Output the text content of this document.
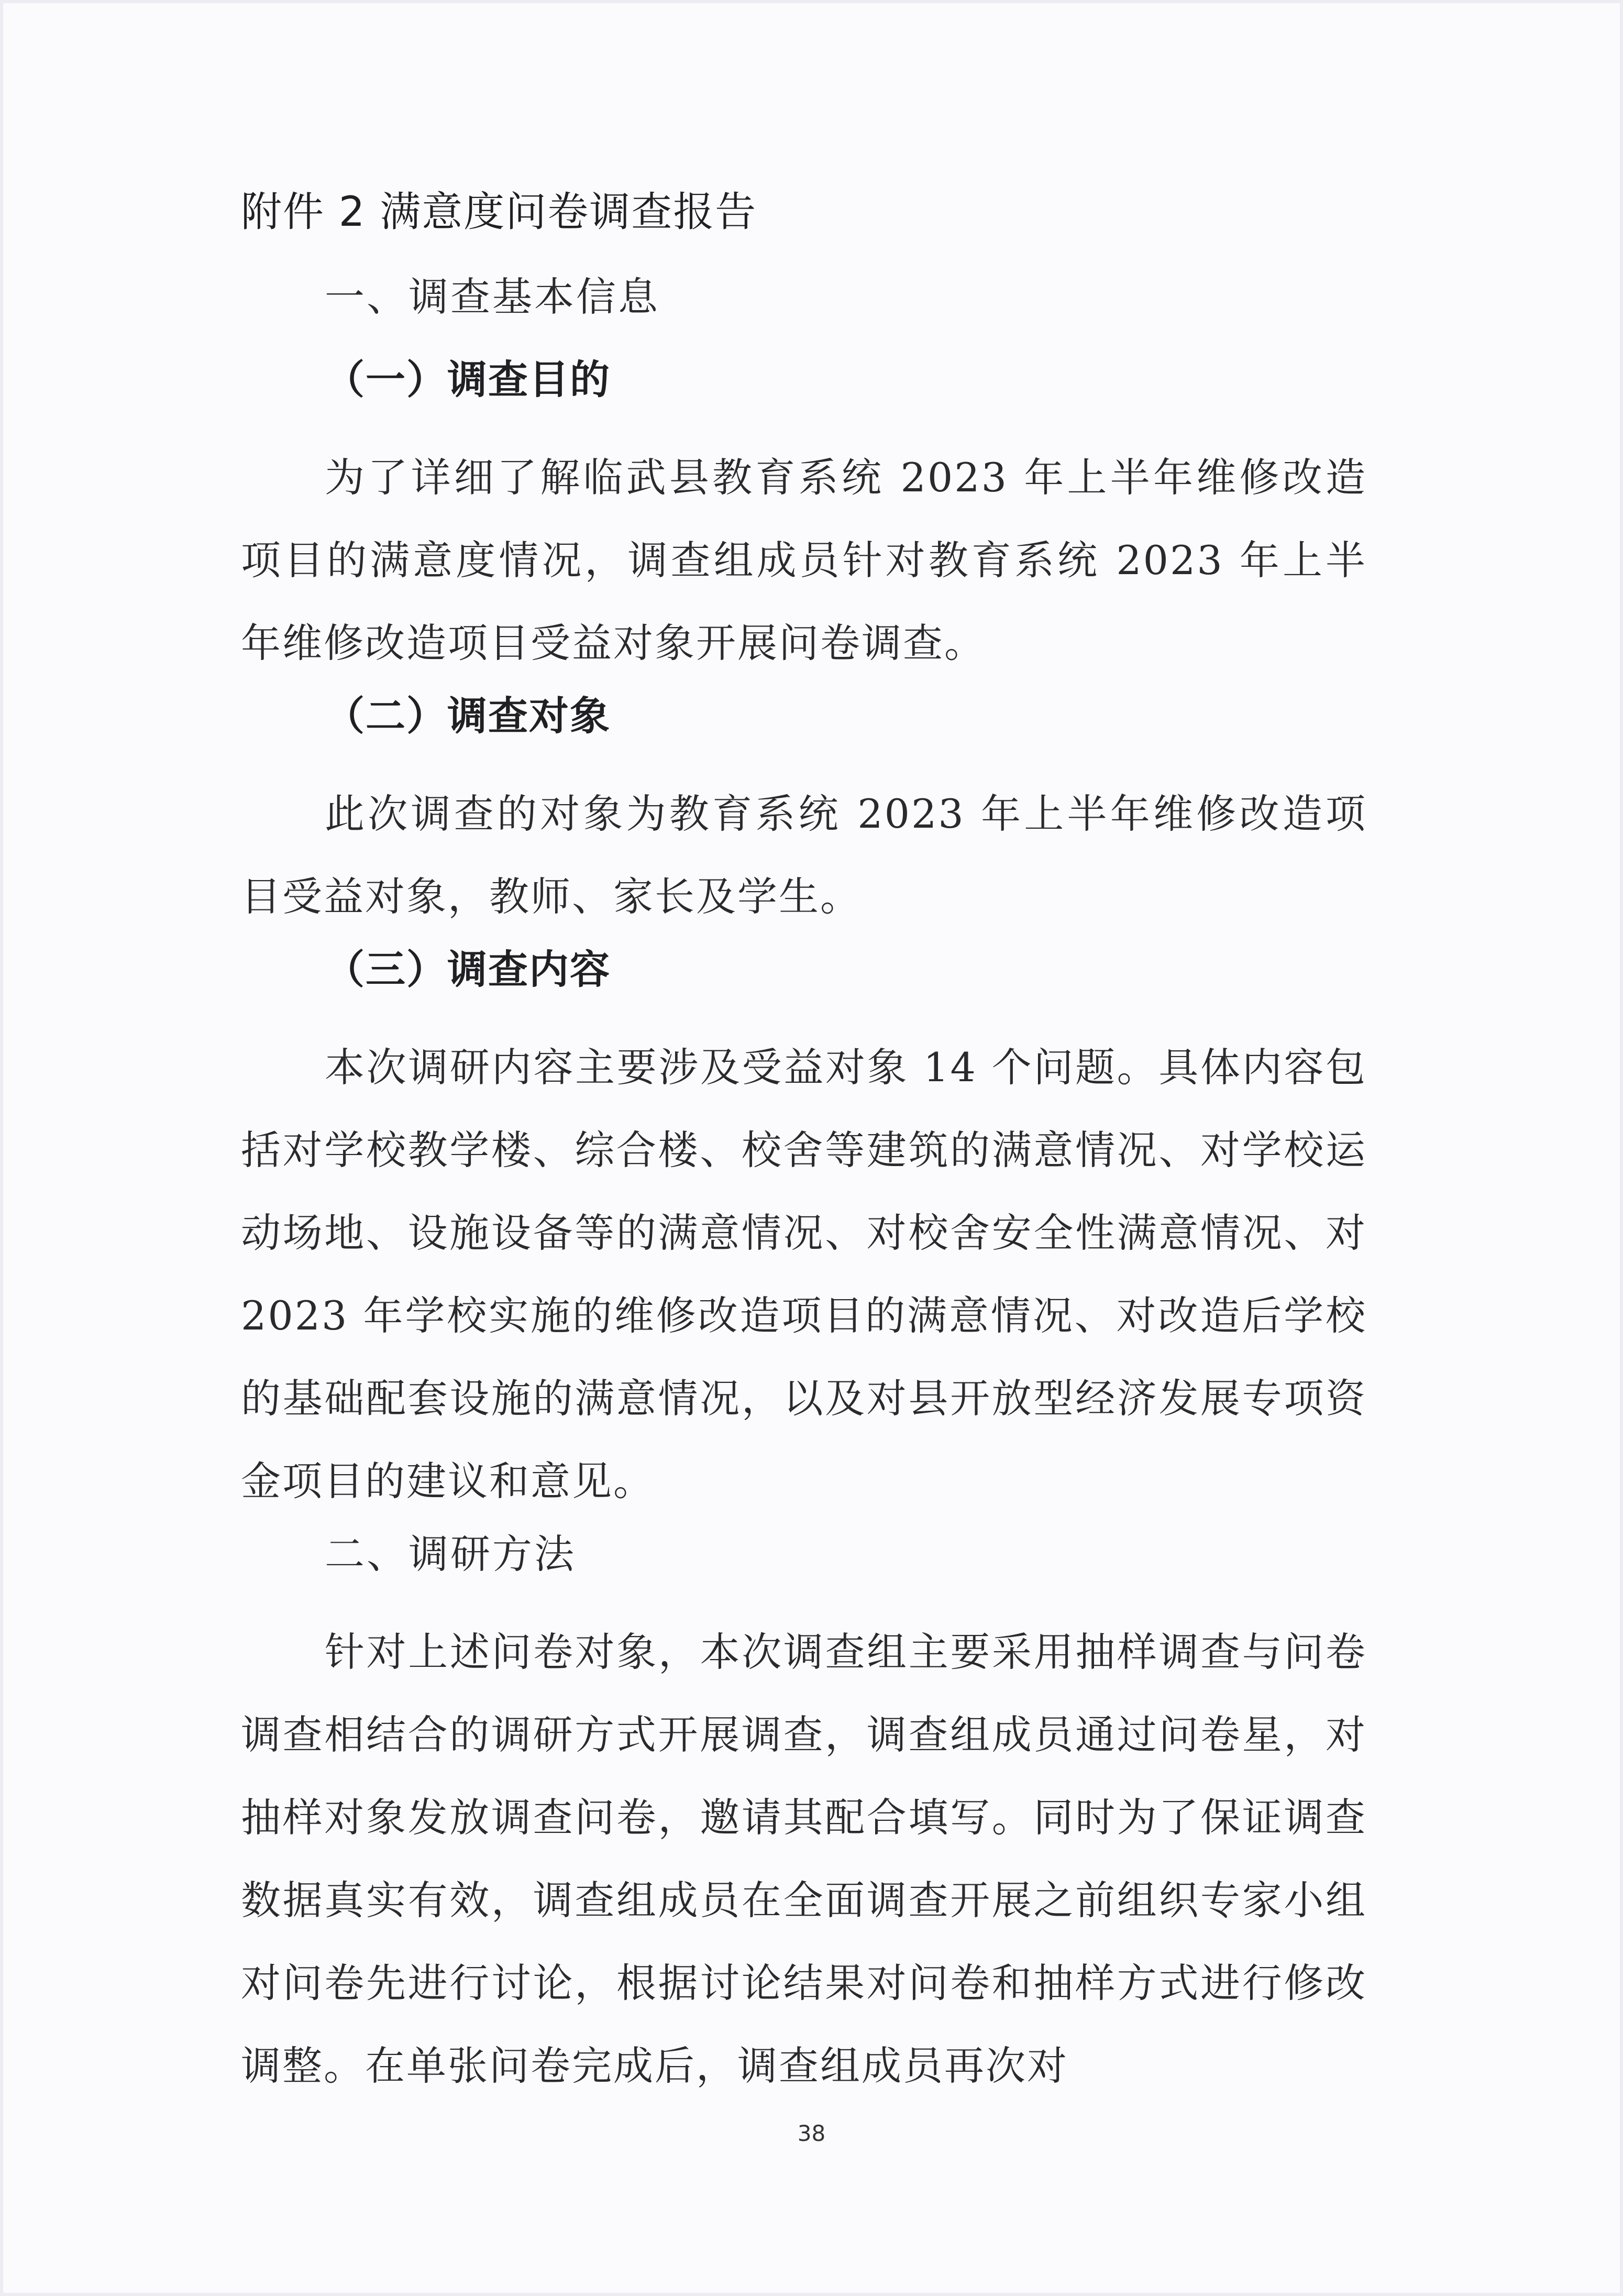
附件 2 满意度问卷调查报告
一、调查基本信息
（一）调查目的

为了详细了解临武县教育系统 2023 年上半年维修改造项目的满意度情况，调查组成员针对教育系统 2023 年上半年维修改造项目受益对象开展问卷调查。

（二）调查对象

此次调查的对象为教育系统 2023 年上半年维修改造项目受益对象，教师、家长及学生。

（三）调查内容

本次调研内容主要涉及受益对象 14 个问题。具体内容包括对学校教学楼、综合楼、校舍等建筑的满意情况、对学校运动场地、设施设备等的满意情况、对校舍安全性满意情况、对 2023 年学校实施的维修改造项目的满意情况、对改造后学校的基础配套设施的满意情况，以及对县开放型经济发展专项资金项目的建议和意见。

二、调研方法

针对上述问卷对象，本次调查组主要采用抽样调查与问卷调查相结合的调研方式开展调查，调查组成员通过问卷星，对抽样对象发放调查问卷，邀请其配合填写。同时为了保证调查数据真实有效，调查组成员在全面调查开展之前组织专家小组对问卷先进行讨论，根据讨论结果对问卷和抽样方式进行修改调整。在单张问卷完成后，调查组成员再次对

38
